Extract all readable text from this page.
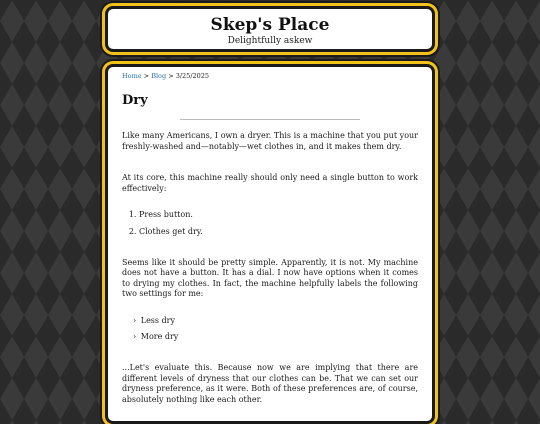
Skep's Place
Delightfully askew
Home > Blog > 3/25/2025
Dry

Like many Americans, I own a dryer. This is a machine that you put your freshly-washed and—notably—wet clothes in, and it makes them dry.

At its core, this machine really should only need a single button to work effectively:

1. Press button.
2. Clothes get dry.

Seems like it should be pretty simple. Apparently, it is not. My machine does not have a button. It has a dial. I now have options when it comes to drying my clothes. In fact, the machine helpfully labels the following two settings for me:

› Less dry
› More dry

...Let's evaluate this. Because now we are implying that there are different levels of dryness that our clothes can be. That we can set our dryness preference, as it were. Both of these preferences are, of course, absolutely nothing like each other.
